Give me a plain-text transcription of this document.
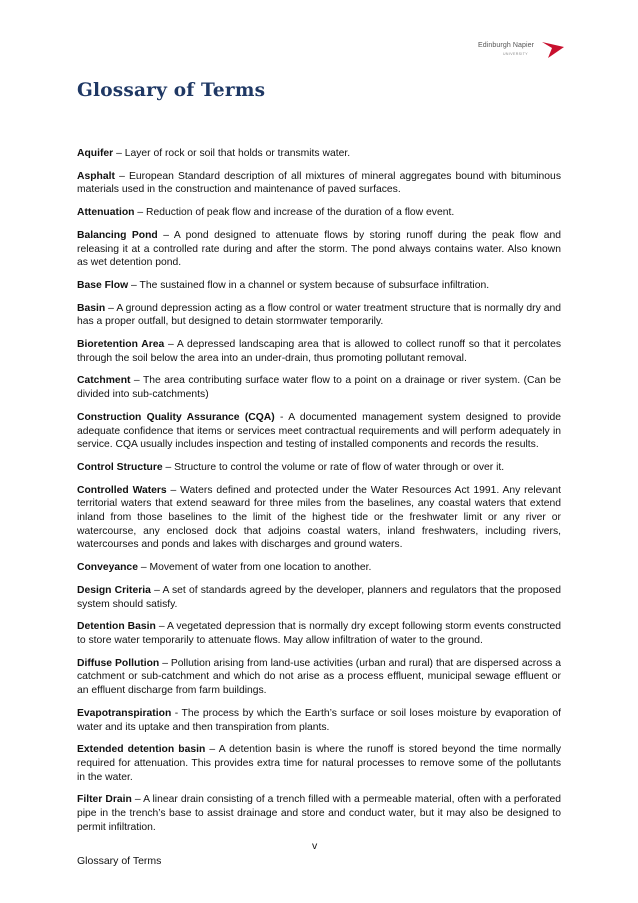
Edinburgh Napier
UNIVERSITY
Glossary of Terms

Aquifer – Layer of rock or soil that holds or transmits water.

Asphalt – European Standard description of all mixtures of mineral aggregates bound with bituminous materials used in the construction and maintenance of paved surfaces.

Attenuation – Reduction of peak flow and increase of the duration of a flow event.

Balancing Pond – A pond designed to attenuate flows by storing runoff during the peak flow and releasing it at a controlled rate during and after the storm. The pond always contains water. Also known as wet detention pond.

Base Flow – The sustained flow in a channel or system because of subsurface infiltration.

Basin – A ground depression acting as a flow control or water treatment structure that is normally dry and has a proper outfall, but designed to detain stormwater temporarily.

Bioretention Area – A depressed landscaping area that is allowed to collect runoff so that it percolates through the soil below the area into an under-drain, thus promoting pollutant removal.

Catchment – The area contributing surface water flow to a point on a drainage or river system. (Can be divided into sub-catchments)

Construction Quality Assurance (CQA) - A documented management system designed to provide adequate confidence that items or services meet contractual requirements and will perform adequately in service. CQA usually includes inspection and testing of installed components and records the results.

Control Structure – Structure to control the volume or rate of flow of water through or over it.

Controlled Waters – Waters defined and protected under the Water Resources Act 1991. Any relevant territorial waters that extend seaward for three miles from the baselines, any coastal waters that extend inland from those baselines to the limit of the highest tide or the freshwater limit or any river or watercourse, any enclosed dock that adjoins coastal waters, inland freshwaters, including rivers, watercourses and ponds and lakes with discharges and ground waters.

Conveyance – Movement of water from one location to another.

Design Criteria – A set of standards agreed by the developer, planners and regulators that the proposed system should satisfy.

Detention Basin – A vegetated depression that is normally dry except following storm events constructed to store water temporarily to attenuate flows. May allow infiltration of water to the ground.

Diffuse Pollution – Pollution arising from land-use activities (urban and rural) that are dispersed across a catchment or sub-catchment and which do not arise as a process effluent, municipal sewage effluent or an effluent discharge from farm buildings.

Evapotranspiration - The process by which the Earth’s surface or soil loses moisture by evaporation of water and its uptake and then transpiration from plants.

Extended detention basin – A detention basin is where the runoff is stored beyond the time normally required for attenuation. This provides extra time for natural processes to remove some of the pollutants in the water.

Filter Drain – A linear drain consisting of a trench filled with a permeable material, often with a perforated pipe in the trench’s base to assist drainage and store and conduct water, but it may also be designed to permit infiltration.

v
Glossary of Terms
